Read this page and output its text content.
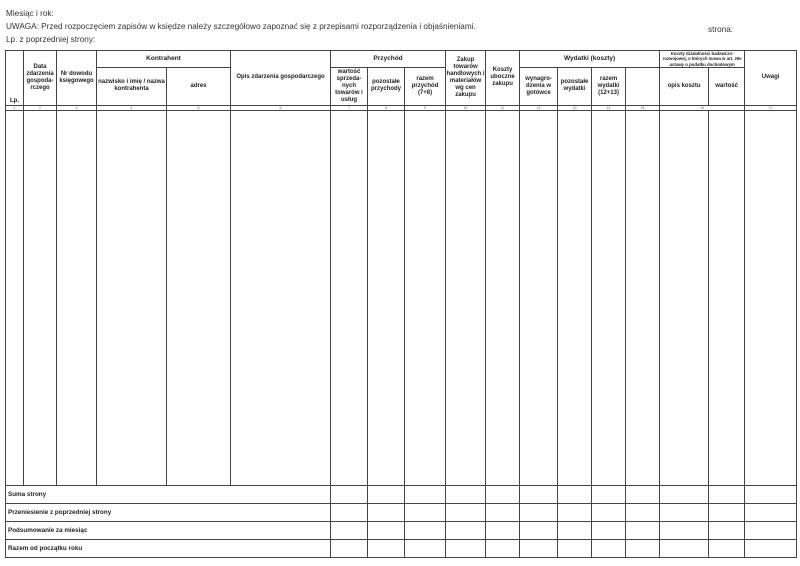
Miesiąc i rok:
UWAGA: Przed rozpoczęciem zapisów w księdze należy szczegółowo zapoznać się z przepisami rozporządzenia i objaśnieniami.
Lp. z poprzedniej strony:
strona:
Lp.	Data zdarzenia gospoda-rczego	Nr dowodu księgowego	Kontrahent		Opis zdarzenia gospodarczego	Przychód			Zakup towarów handlowych i materiałów wg cen zakupu	Koszty uboczne zakupu	Wydatki (koszty)				Koszty działalności badawczo-rozwojowej, o których mowa w art. 26e ustawy o podatku dochodowym		Uwagi
			nazwisko i imię / nazwa kontrahenta	adres		wartość sprzeda-nych towarów i usług	pozostałe przychody	razem przychód (7+8)			wynagro-dzenia w gotówce	pozostałe wydatki	razem wydatki (12+13)		opis kosztu	wartość	
1	2	3	4	5	6	7	8	9	10	11	12	13	14	15	16		17

Suma strony																	
Przeniesienie z poprzedniej strony																	
Podsumowanie za miesiąc																	
Razem od początku roku																	
